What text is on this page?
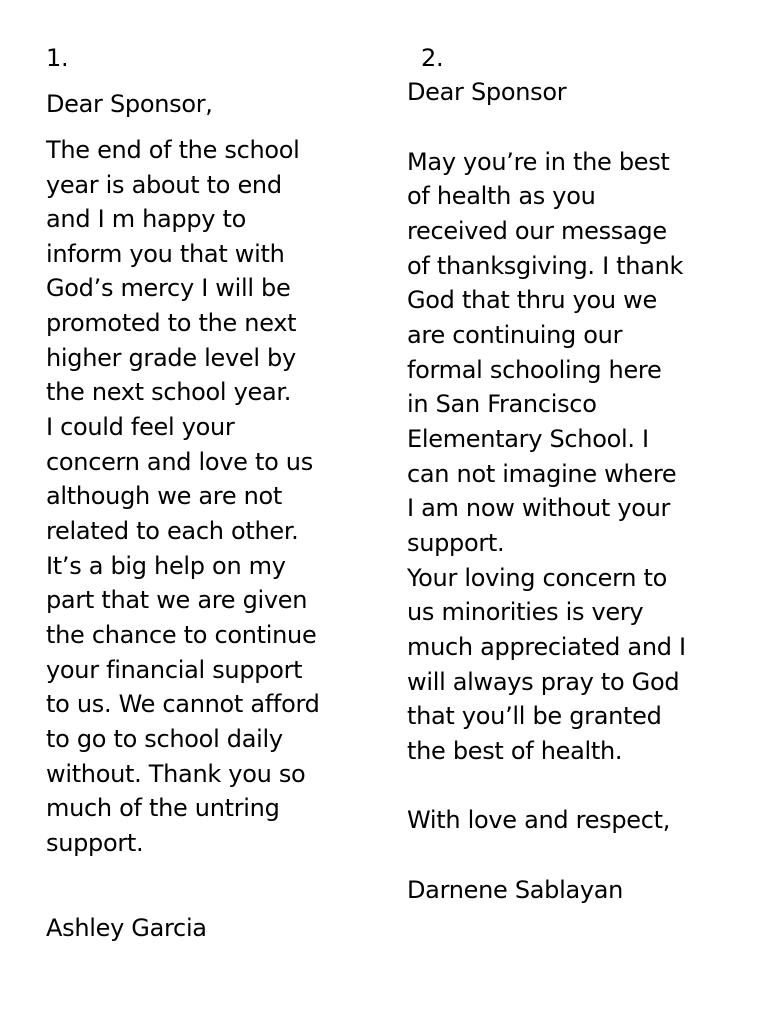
1.
Dear Sponsor,
The end of the school
year is about to end
and I m happy to
inform you that with
God’s mercy I will be
promoted to the next
higher grade level by
the next school year.
I could feel your
concern and love to us
although we are not
related to each other.
It’s a big help on my
part that we are given
the chance to continue
your financial support
to us. We cannot afford
to go to school daily
without. Thank you so
much of the untring
support.
Ashley Garcia
2.
Dear Sponsor
May you’re in the best
of health as you
received our message
of thanksgiving. I thank
God that thru you we
are continuing our
formal schooling here
in San Francisco
Elementary School. I
can not imagine where
I am now without your
support.
Your loving concern to
us minorities is very
much appreciated and I
will always pray to God
that you’ll be granted
the best of health.
With love and respect,
Darnene Sablayan
